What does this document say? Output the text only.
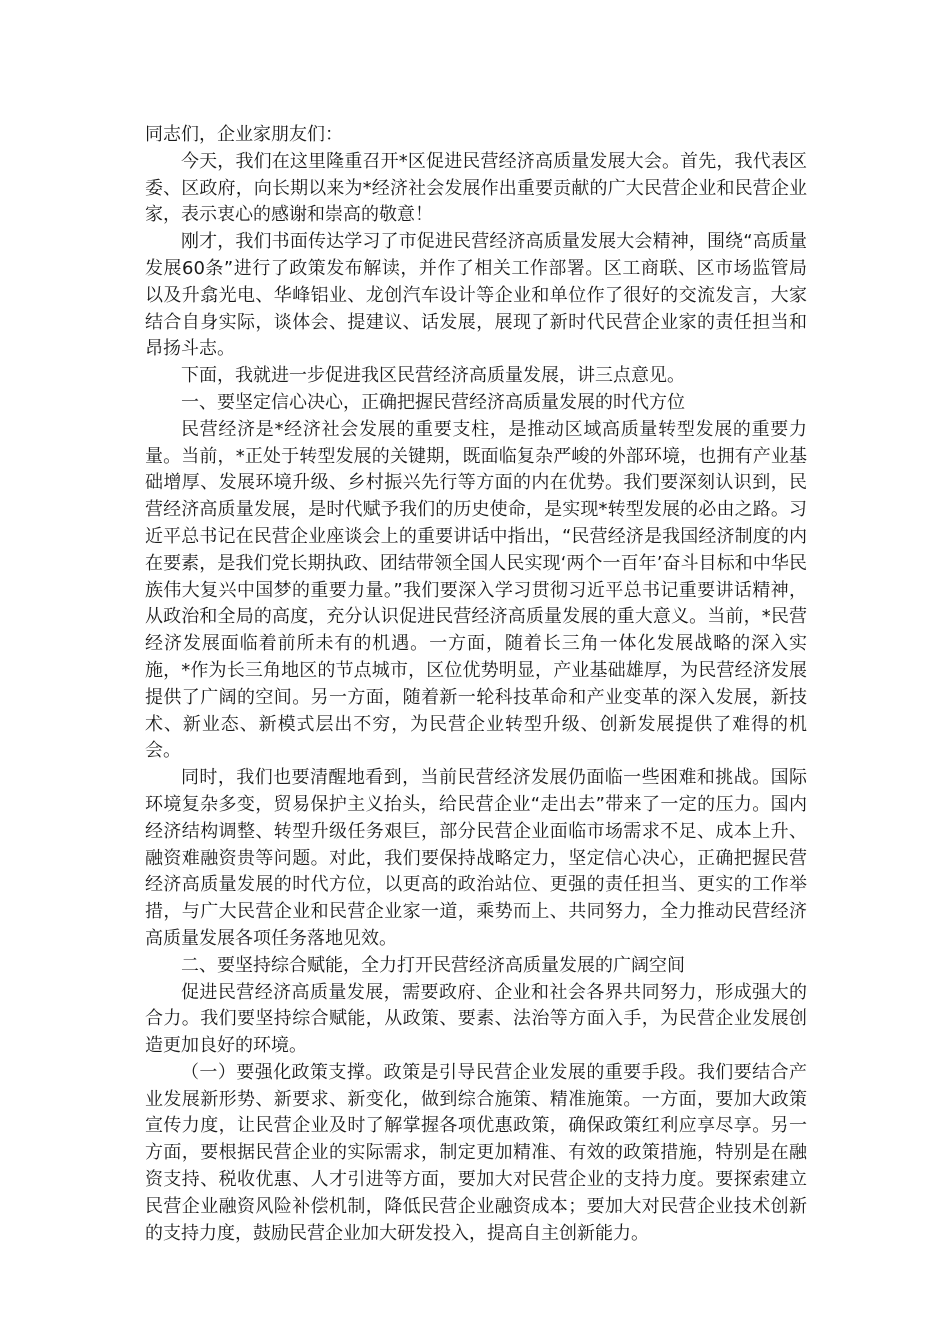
同志们，企业家朋友们：

今天，我们在这里隆重召开*区促进民营经济高质量发展大会。首先，我代表区委、区政府，向长期以来为*经济社会发展作出重要贡献的广大民营企业和民营企业家，表示衷心的感谢和崇高的敬意！

刚才，我们书面传达学习了市促进民营经济高质量发展大会精神，围绕“高质量发展60条”进行了政策发布解读，并作了相关工作部署。区工商联、区市场监管局以及升翕光电、华峰铝业、龙创汽车设计等企业和单位作了很好的交流发言，大家结合自身实际，谈体会、提建议、话发展，展现了新时代民营企业家的责任担当和昂扬斗志。

下面，我就进一步促进我区民营经济高质量发展，讲三点意见。

一、要坚定信心决心，正确把握民营经济高质量发展的时代方位

民营经济是*经济社会发展的重要支柱，是推动区域高质量转型发展的重要力量。当前，*正处于转型发展的关键期，既面临复杂严峻的外部环境，也拥有产业基础增厚、发展环境升级、乡村振兴先行等方面的内在优势。我们要深刻认识到，民营经济高质量发展，是时代赋予我们的历史使命，是实现*转型发展的必由之路。习近平总书记在民营企业座谈会上的重要讲话中指出，“民营经济是我国经济制度的内在要素，是我们党长期执政、团结带领全国人民实现‘两个一百年’奋斗目标和中华民族伟大复兴中国梦的重要力量。”我们要深入学习贯彻习近平总书记重要讲话精神，从政治和全局的高度，充分认识促进民营经济高质量发展的重大意义。当前，*民营经济发展面临着前所未有的机遇。一方面，随着长三角一体化发展战略的深入实施，*作为长三角地区的节点城市，区位优势明显，产业基础雄厚，为民营经济发展提供了广阔的空间。另一方面，随着新一轮科技革命和产业变革的深入发展，新技术、新业态、新模式层出不穷，为民营企业转型升级、创新发展提供了难得的机会。

同时，我们也要清醒地看到，当前民营经济发展仍面临一些困难和挑战。国际环境复杂多变，贸易保护主义抬头，给民营企业“走出去”带来了一定的压力。国内经济结构调整、转型升级任务艰巨，部分民营企业面临市场需求不足、成本上升、融资难融资贵等问题。对此，我们要保持战略定力，坚定信心决心，正确把握民营经济高质量发展的时代方位，以更高的政治站位、更强的责任担当、更实的工作举措，与广大民营企业和民营企业家一道，乘势而上、共同努力，全力推动民营经济高质量发展各项任务落地见效。

二、要坚持综合赋能，全力打开民营经济高质量发展的广阔空间

促进民营经济高质量发展，需要政府、企业和社会各界共同努力，形成强大的合力。我们要坚持综合赋能，从政策、要素、法治等方面入手，为民营企业发展创造更加良好的环境。

（一）要强化政策支撑。政策是引导民营企业发展的重要手段。我们要结合产业发展新形势、新要求、新变化，做到综合施策、精准施策。一方面，要加大政策宣传力度，让民营企业及时了解掌握各项优惠政策，确保政策红利应享尽享。另一方面，要根据民营企业的实际需求，制定更加精准、有效的政策措施，特别是在融资支持、税收优惠、人才引进等方面，要加大对民营企业的支持力度。要探索建立民营企业融资风险补偿机制，降低民营企业融资成本；要加大对民营企业技术创新的支持力度，鼓励民营企业加大研发投入，提高自主创新能力。
